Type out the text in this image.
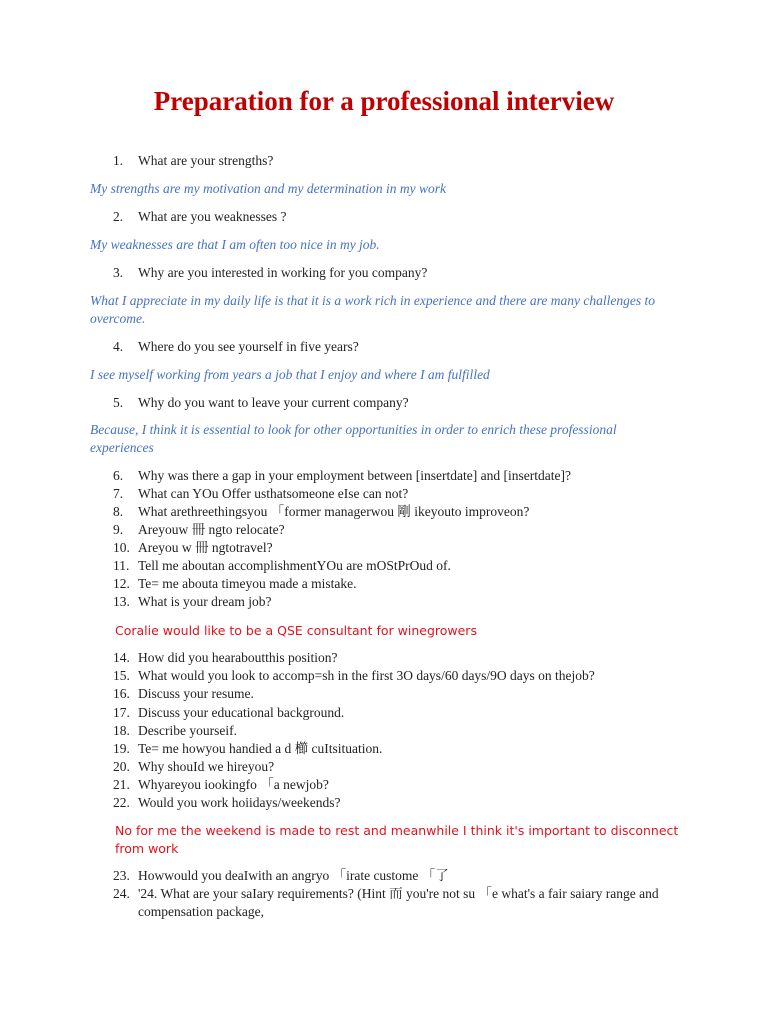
Preparation for a professional interview
1. What are your strengths?
My strengths are my motivation and my determination in my work
2. What are you weaknesses ?
My weaknesses are that I am often too nice in my job.
3. Why are you interested in working for you company?
What I appreciate in my daily life is that it is a work rich in experience and there are many challenges to overcome.
4. Where do you see yourself in five years?
I see myself working from years a job that I enjoy and where I am fulfilled
5. Why do you want to leave your current company?
Because, I think it is essential to look for other opportunities in order to enrich these professional experiences
6. Why was there a gap in your employment between [insertdate] and [insertdate]?
7. What can YOu Offer usthatsomeone eIse can not?
8. What arethreethingsyou 「former managerwou 剛 ikeyouto improveon?
9. Areyouw 冊 ngto relocate?
10. Areyou w 冊 ngtotravel?
11. Tell me aboutan accomplishmentYOu are mOStPrOud of.
12. Te= me abouta timeyou made a mistake.
13. What is your dream job?
Coralie would like to be a QSE consultant for winegrowers
14. How did you hearaboutthis position?
15. What would you look to accomp=sh in the first 3O days/60 days/9O days on thejob?
16. Discuss your resume.
17. Discuss your educational background.
18. Describe yourseif.
19. Te= me howyou handied a d 櫛 cuItsituation.
20. Why shouId we hireyou?
21. Whyareyou iookingfo 「a newjob?
22. Would you work hoiidays/weekends?
No for me the weekend is made to rest and meanwhile I think it's important to disconnect from work
23. Howwould you deaIwith an angryo 「irate custome 「了
24. '24. What are your saIary requirements? (Hint 而 you're not su 「e what's a fair saiary range and compensation package,
